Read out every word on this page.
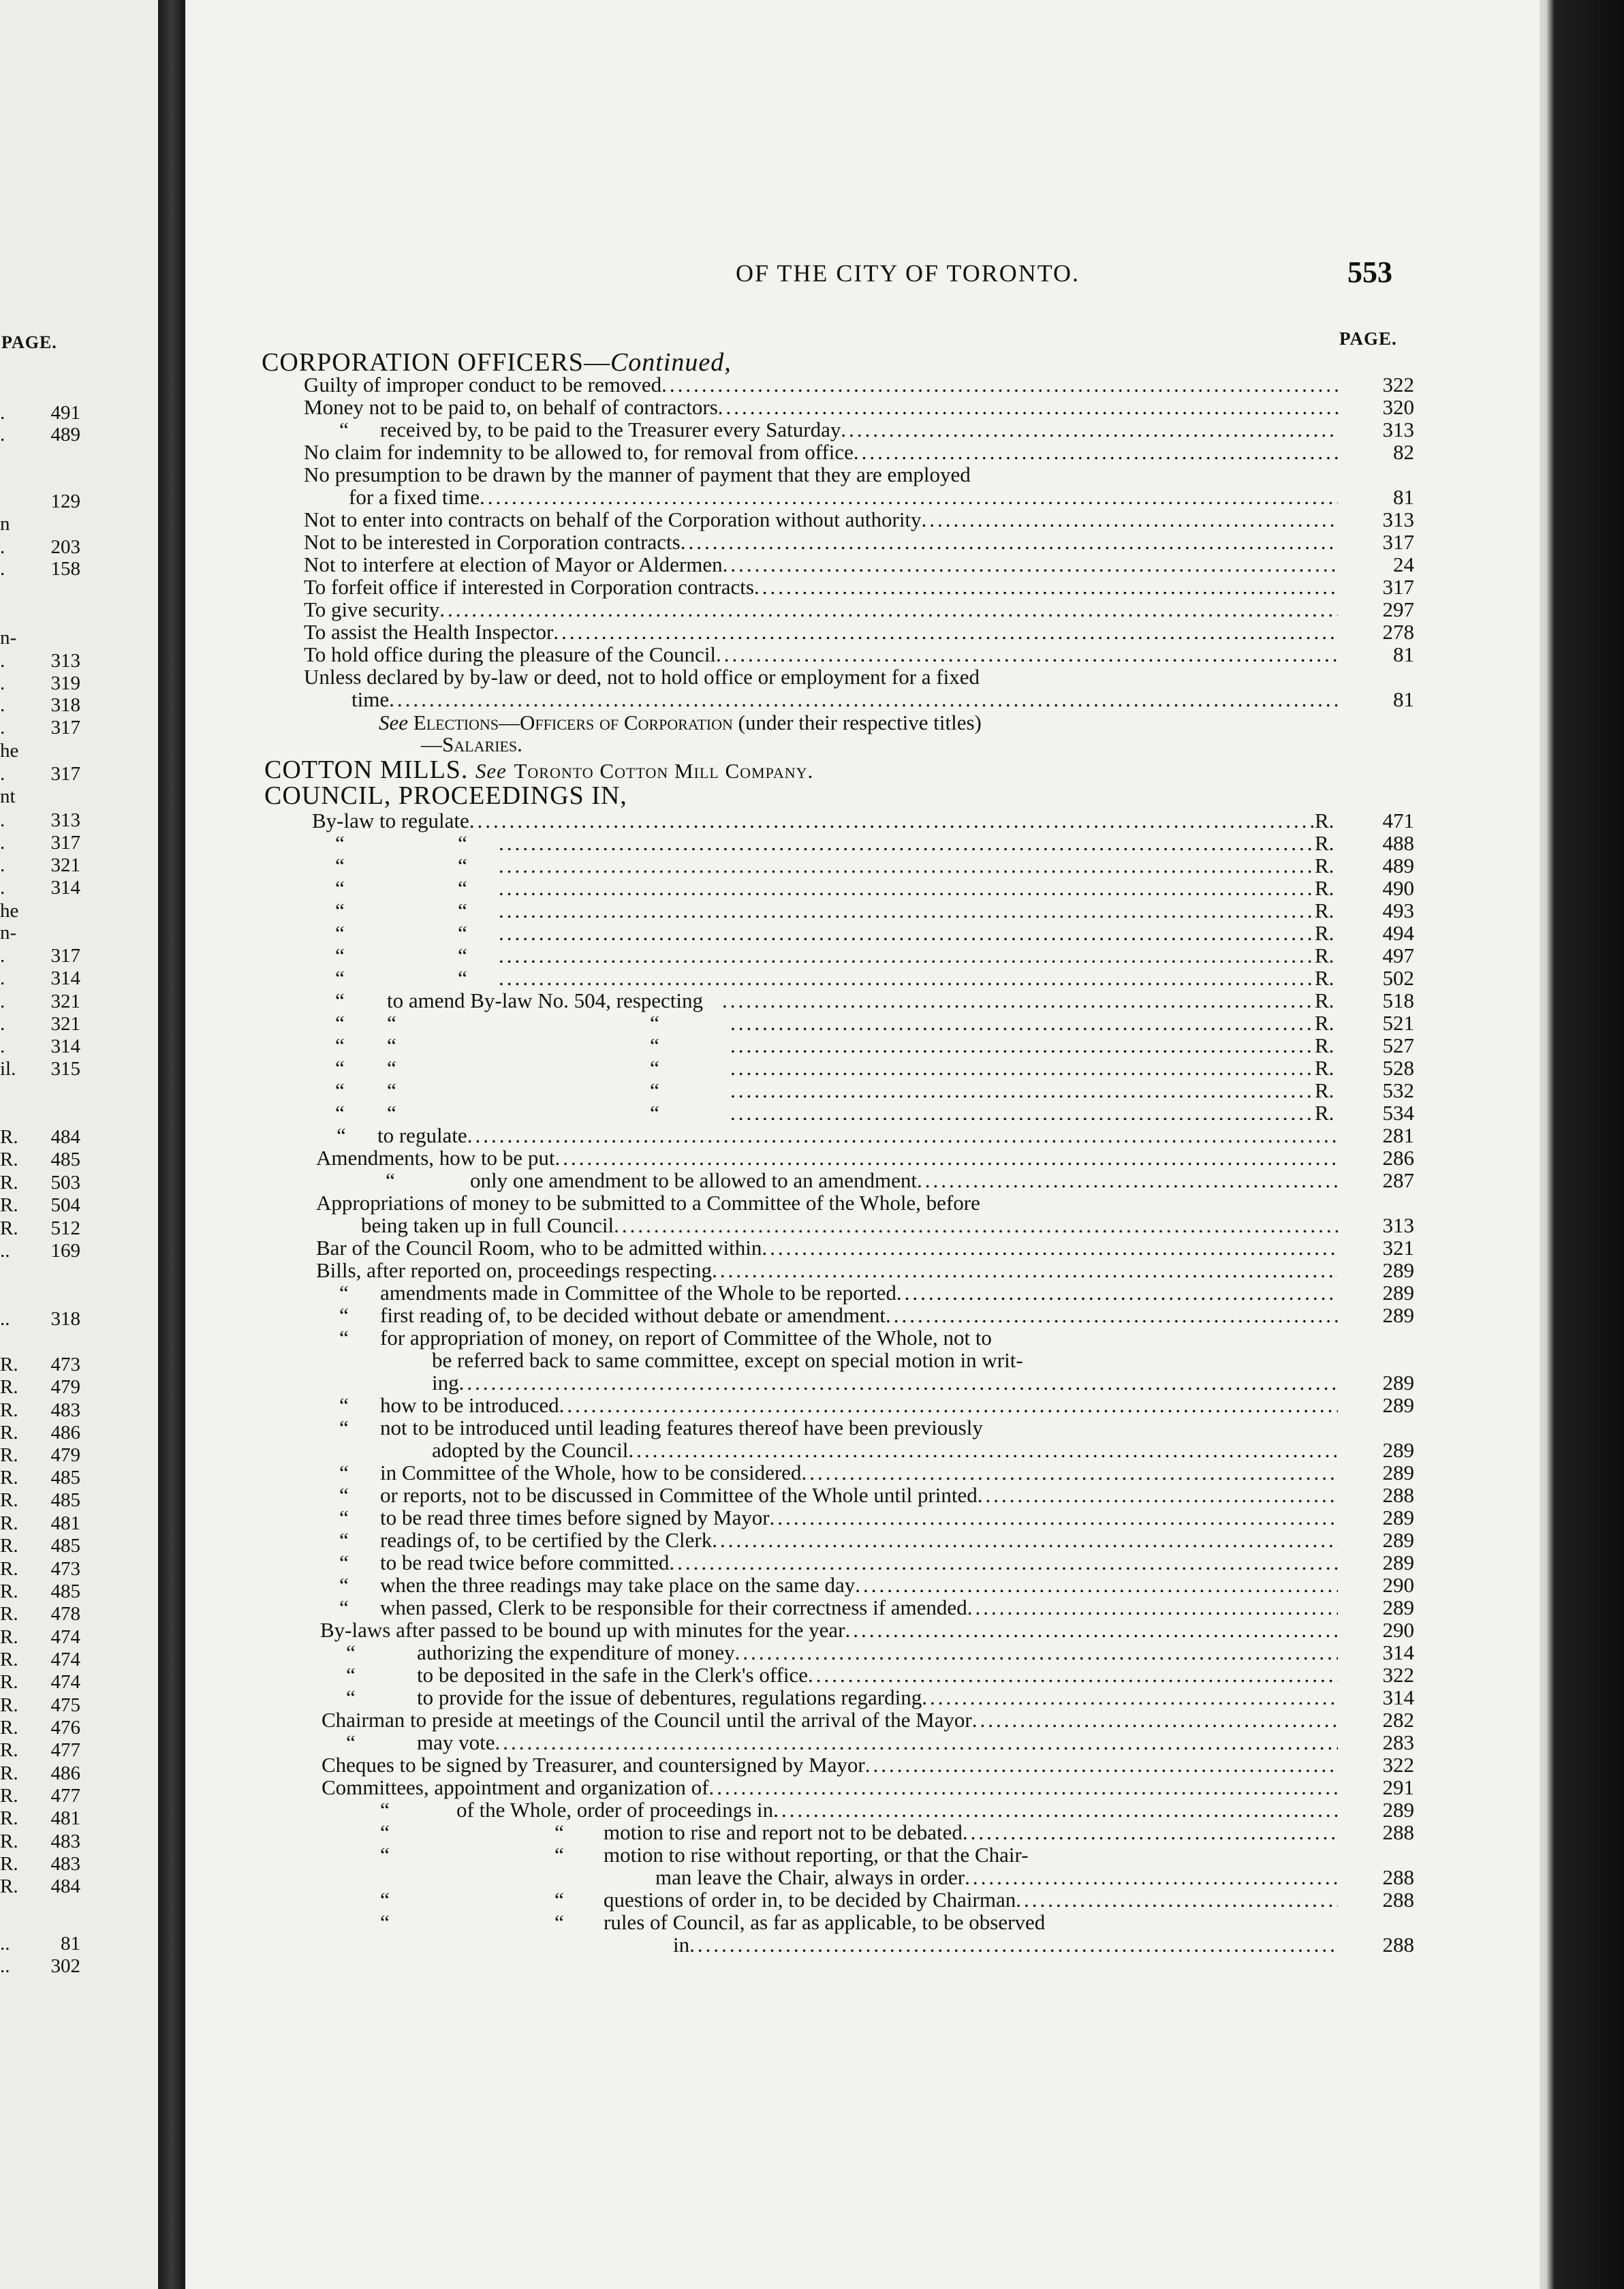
PAGE.
.	491
.	489
129
n
.	203
.	158
n-
.	313
.	319
.	318
.	317
he
.	317
nt
.	313
.	317
.	321
.	314
he
n-
.	317
.	314
.	321
.	321
.	314
il.	315
R.	484
R.	485
R.	503
R.	504
R.	512
..	169
..	318
R.	473
R.	479
R.	483
R.	486
R.	479
R.	485
R.	485
R.	481
R.	485
R.	473
R.	485
R.	478
R.	474
R.	474
R.	474
R.	475
R.	476
R.	477
R.	486
R.	477
R.	481
R.	483
R.	483
R.	484
..	81
..	302
OF THE CITY OF TORONTO.	553
PAGE.
CORPORATION OFFICERS—Continued,
Guilty of improper conduct to be removed .....	322
Money not to be paid to, on behalf of contractors .....	320
“	received by, to be paid to the Treasurer every Saturday .....	313
No claim for indemnity to be allowed to, for removal from office .....	82
No presumption to be drawn by the manner of payment that they are employed
for a fixed time .....	81
Not to enter into contracts on behalf of the Corporation without authority .....	313
Not to be interested in Corporation contracts .....	317
Not to interfere at election of Mayor or Aldermen .....	24
To forfeit office if interested in Corporation contracts .....	317
To give security .....	297
To assist the Health Inspector .....	278
To hold office during the pleasure of the Council .....	81
Unless declared by by-law or deed, not to hold office or employment for a fixed
time .....	81
See
Elections—Officers of Corporation
(under their respective titles)
—Salaries.
COTTON MILLS. See Toronto Cotton Mill Company.
COUNCIL, PROCEEDINGS IN,
By-law to regulate .....	R.	471
“	“ .....	R.	488
“	“ .....	R.	489
“	“ .....	R.	490
“	“ .....	R.	493
“	“ .....	R.	494
“	“ .....	R.	497
“	“ .....	R.	502
“	to amend By-law No. 504, respecting .....	R.	518
“	“	“ .....	R.	521
“	“	“ .....	R.	527
“	“	“ .....	R.	528
“	“	“ .....	R.	532
“	“	“ .....	R.	534
“	to regulate .....	281
Amendments, how to be put .....	286
“	only one amendment to be allowed to an amendment .....	287
Appropriations of money to be submitted to a Committee of the Whole, before
being taken up in full Council .....	313
Bar of the Council Room, who to be admitted within .....	321
Bills, after reported on, proceedings respecting .....	289
“	amendments made in Committee of the Whole to be reported .....	289
“	first reading of, to be decided without debate or amendment .....	289
“	for appropriation of money, on report of Committee of the Whole, not to
be referred back to same committee, except on special motion in writ-
ing .....	289
“	how to be introduced .....	289
“	not to be introduced until leading features thereof have been previously
adopted by the Council .....	289
“	in Committee of the Whole, how to be considered .....	289
“	or reports, not to be discussed in Committee of the Whole until printed .....	288
“	to be read three times before signed by Mayor .....	289
“	readings of, to be certified by the Clerk .....	289
“	to be read twice before committed .....	289
“	when the three readings may take place on the same day .....	290
“	when passed, Clerk to be responsible for their correctness if amended .....	289
By-laws after passed to be bound up with minutes for the year .....	290
“	authorizing the expenditure of money .....	314
“	to be deposited in the safe in the Clerk's office .....	322
“	to provide for the issue of debentures, regulations regarding .....	314
Chairman to preside at meetings of the Council until the arrival of the Mayor .....	282
“	may vote .....	283
Cheques to be signed by Treasurer, and countersigned by Mayor .....	322
Committees, appointment and organization of .....	291
“	of the Whole, order of proceedings in .....	289
“	“	motion to rise and report not to be debated .....	288
“	“	motion to rise without reporting, or that the Chair-
man leave the Chair, always in order .....	288
“	“	questions of order in, to be decided by Chairman .....	288
“	“	rules of Council, as far as applicable, to be observed
in .....	288
